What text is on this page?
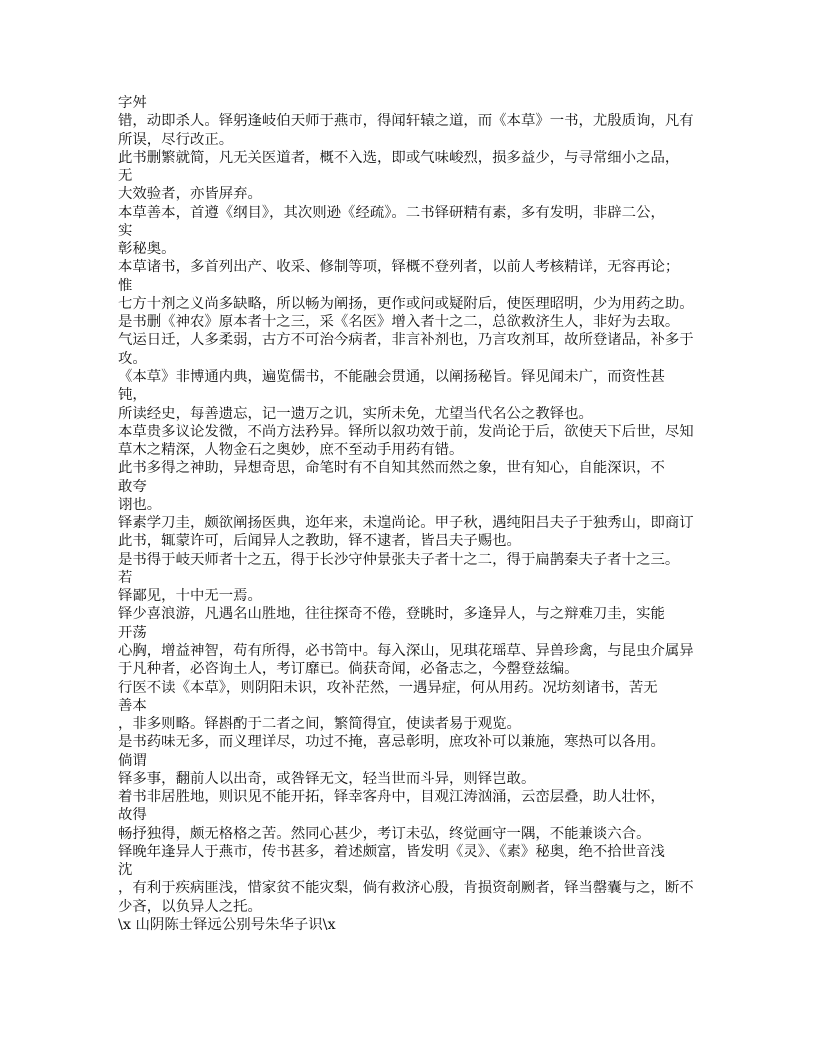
字舛
错，动即杀人。铎躬逢岐伯天师于燕市，得闻轩辕之道，而《本草》一书，尤殷质询，凡有
所误，尽行改正。
此书删繁就简，凡无关医道者，概不入选，即或气味峻烈，损多益少，与寻常细小之品，
无
大效验者，亦皆屏弃。
本草善本，首遵《纲目》，其次则逊《经疏》。二书铎研精有素，多有发明，非辟二公，
实
彰秘奥。
本草诸书，多首列出产、收采、修制等项，铎概不登列者，以前人考核精详，无容再论；
惟
七方十剂之义尚多缺略，所以畅为阐扬，更作或问或疑附后，使医理昭明，少为用药之助。
是书删《神农》原本者十之三，采《名医》增入者十之二，总欲救济生人，非好为去取。
气运日迁，人多柔弱，古方不可治今病者，非言补剂也，乃言攻剂耳，故所登诸品，补多于
攻。
《本草》非博通内典，遍览儒书，不能融会贯通，以阐扬秘旨。铎见闻未广，而资性甚
钝，
所读经史，每善遗忘，记一遗万之讥，实所未免，尤望当代名公之教铎也。
本草贵多议论发微，不尚方法矜异。铎所以叙功效于前，发尚论于后，欲使天下后世，尽知
草木之精深，人物金石之奥妙，庶不至动手用药有错。
此书多得之神助，异想奇思，命笔时有不自知其然而然之象，世有知心，自能深识，不
敢夸
诩也。
铎素学刀圭，颇欲阐扬医典，迩年来，未遑尚论。甲子秋，遇纯阳吕夫子于独秀山，即商订
此书，辄蒙许可，后闻异人之教助，铎不逮者，皆吕夫子赐也。
是书得于岐天师者十之五，得于长沙守仲景张夫子者十之二，得于扁鹊秦夫子者十之三。
若
铎鄙见，十中无一焉。
铎少喜浪游，凡遇名山胜地，往往探奇不倦，登眺时，多逢异人，与之辩难刀圭，实能
开荡
心胸，增益神智，苟有所得，必书笥中。每入深山，见琪花瑶草、异兽珍禽，与昆虫介属异
于凡种者，必咨询土人，考订靡已。倘获奇闻，必备志之，今罄登兹编。
行医不读《本草》，则阴阳未识，攻补茫然，一遇异症，何从用药。况坊刻诸书，苦无
善本
，非多则略。铎斟酌于二者之间，繁简得宜，使读者易于观览。
是书药味无多，而义理详尽，功过不掩，喜忌彰明，庶攻补可以兼施，寒热可以各用。
倘谓
铎多事，翻前人以出奇，或咎铎无文，轻当世而斗异，则铎岂敢。
着书非居胜地，则识见不能开拓，铎幸客舟中，目观江涛汹涌，云峦层叠，助人壮怀，
故得
畅抒独得，颇无格格之苦。然同心甚少，考订未弘，终觉画守一隅，不能兼谈六合。
铎晚年逢异人于燕市，传书甚多，着述颇富，皆发明《灵》、《素》秘奥，绝不拾世音浅
沈
，有利于疾病匪浅，惜家贫不能灾梨，倘有救济心殷，肯损资剞劂者，铎当罄囊与之，断不
少吝，以负异人之托。
\x 山阴陈士铎远公别号朱华子识\x
